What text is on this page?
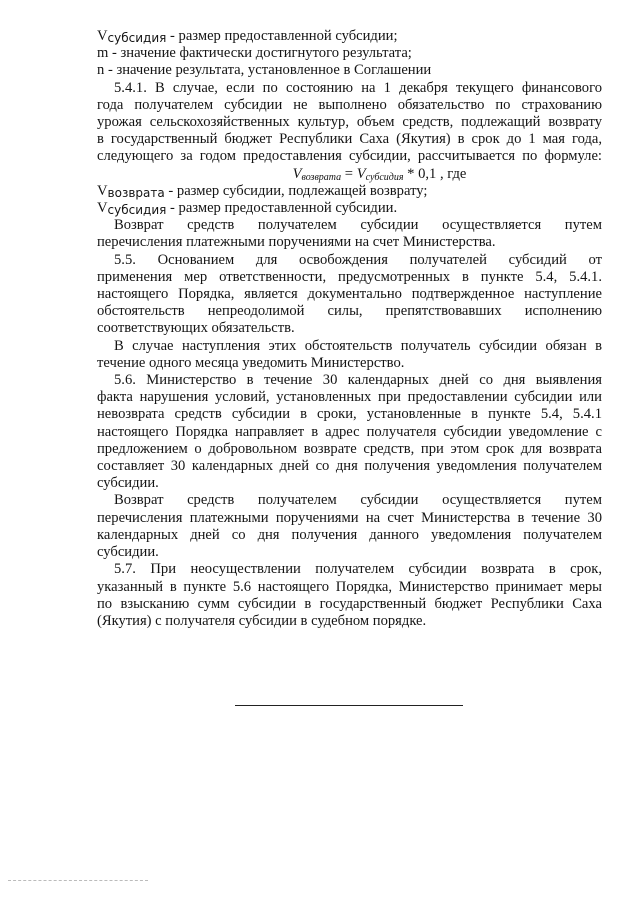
$V_{субсидия}$ - размер предоставленной субсидии;
m - значение фактически достигнутого результата;
n - значение результата, установленное в Соглашении
5.4.1. В случае, если по состоянию на 1 декабря текущего финансового
года получателем субсидии не выполнено обязательство по страхованию
урожая сельскохозяйственных культур, объем средств, подлежащий возврату
в государственный бюджет Республики Саха (Якутия) в срок до 1 мая года,
следующего за годом предоставления субсидии, рассчитывается по формуле:
$V_{возврата} = V_{субсидия} * 0,1$ , где
$V_{возврата}$ - размер субсидии, подлежащей возврату;
$V_{субсидия}$ - размер предоставленной субсидии.
Возврат средств получателем субсидии осуществляется путем
перечисления платежными поручениями на счет Министерства.
5.5. Основанием для освобождения получателей субсидий от
применения мер ответственности, предусмотренных в пункте 5.4, 5.4.1.
настоящего Порядка, является документально подтвержденное наступление
обстоятельств непреодолимой силы, препятствовавших исполнению
соответствующих обязательств.
В случае наступления этих обстоятельств получатель субсидии обязан в
течение одного месяца уведомить Министерство.
5.6. Министерство в течение 30 календарных дней со дня выявления
факта нарушения условий, установленных при предоставлении субсидии или
невозврата средств субсидии в сроки, установленные в пункте 5.4, 5.4.1
настоящего Порядка направляет в адрес получателя субсидии уведомление с
предложением о добровольном возврате средств, при этом срок для возврата
составляет 30 календарных дней со дня получения уведомления получателем
субсидии.
Возврат средств получателем субсидии осуществляется путем
перечисления платежными поручениями на счет Министерства в течение 30
календарных дней со дня получения данного уведомления получателем
субсидии.
5.7. При неосуществлении получателем субсидии возврата в срок,
указанный в пункте 5.6 настоящего Порядка, Министерство принимает меры
по взысканию сумм субсидии в государственный бюджет Республики Саха
(Якутия) с получателя субсидии в судебном порядке.
